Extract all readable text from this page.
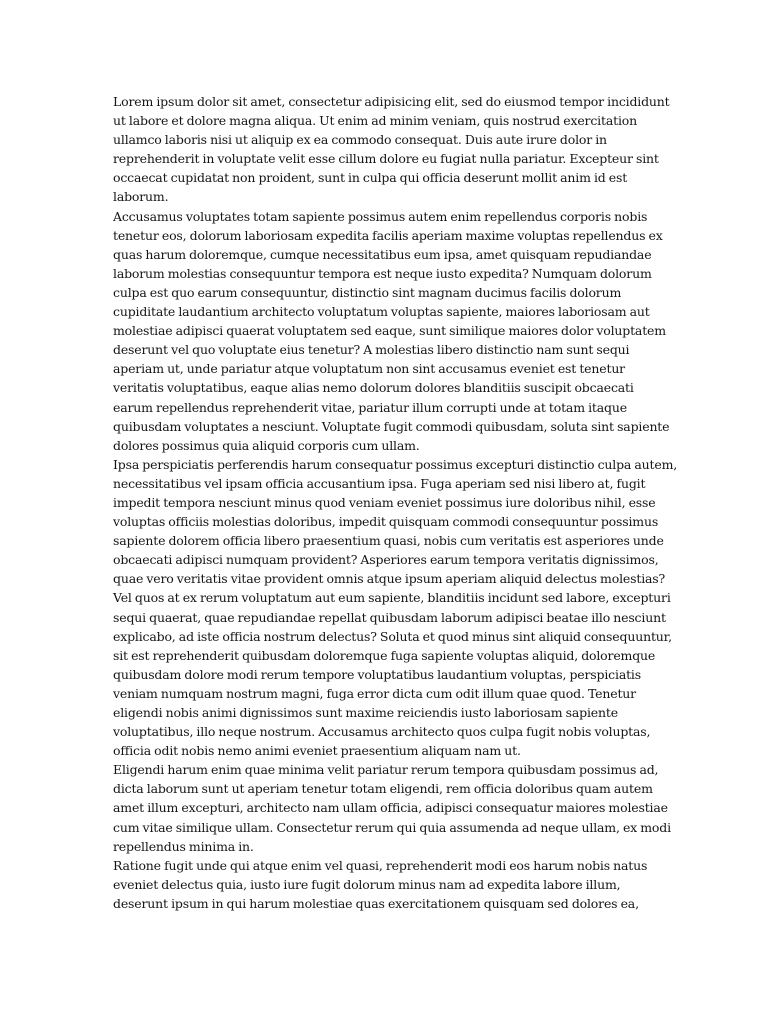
Lorem ipsum dolor sit amet, consectetur adipisicing elit, sed do eiusmod tempor incididunt
ut labore et dolore magna aliqua. Ut enim ad minim veniam, quis nostrud exercitation
ullamco laboris nisi ut aliquip ex ea commodo consequat. Duis aute irure dolor in
reprehenderit in voluptate velit esse cillum dolore eu fugiat nulla pariatur. Excepteur sint
occaecat cupidatat non proident, sunt in culpa qui officia deserunt mollit anim id est
laborum.

Accusamus voluptates totam sapiente possimus autem enim repellendus corporis nobis
tenetur eos, dolorum laboriosam expedita facilis aperiam maxime voluptas repellendus ex
quas harum doloremque, cumque necessitatibus eum ipsa, amet quisquam repudiandae
laborum molestias consequuntur tempora est neque iusto expedita? Numquam dolorum
culpa est quo earum consequuntur, distinctio sint magnam ducimus facilis dolorum
cupiditate laudantium architecto voluptatum voluptas sapiente, maiores laboriosam aut
molestiae adipisci quaerat voluptatem sed eaque, sunt similique maiores dolor voluptatem
deserunt vel quo voluptate eius tenetur? A molestias libero distinctio nam sunt sequi
aperiam ut, unde pariatur atque voluptatum non sint accusamus eveniet est tenetur
veritatis voluptatibus, eaque alias nemo dolorum dolores blanditiis suscipit obcaecati
earum repellendus reprehenderit vitae, pariatur illum corrupti unde at totam itaque
quibusdam voluptates a nesciunt. Voluptate fugit commodi quibusdam, soluta sint sapiente
dolores possimus quia aliquid corporis cum ullam.

Ipsa perspiciatis perferendis harum consequatur possimus excepturi distinctio culpa autem,
necessitatibus vel ipsam officia accusantium ipsa. Fuga aperiam sed nisi libero at, fugit
impedit tempora nesciunt minus quod veniam eveniet possimus iure doloribus nihil, esse
voluptas officiis molestias doloribus, impedit quisquam commodi consequuntur possimus
sapiente dolorem officia libero praesentium quasi, nobis cum veritatis est asperiores unde
obcaecati adipisci numquam provident? Asperiores earum tempora veritatis dignissimos,
quae vero veritatis vitae provident omnis atque ipsum aperiam aliquid delectus molestias?
Vel quos at ex rerum voluptatum aut eum sapiente, blanditiis incidunt sed labore, excepturi
sequi quaerat, quae repudiandae repellat quibusdam laborum adipisci beatae illo nesciunt
explicabo, ad iste officia nostrum delectus? Soluta et quod minus sint aliquid consequuntur,
sit est reprehenderit quibusdam doloremque fuga sapiente voluptas aliquid, doloremque
quibusdam dolore modi rerum tempore voluptatibus laudantium voluptas, perspiciatis
veniam numquam nostrum magni, fuga error dicta cum odit illum quae quod. Tenetur
eligendi nobis animi dignissimos sunt maxime reiciendis iusto laboriosam sapiente
voluptatibus, illo neque nostrum. Accusamus architecto quos culpa fugit nobis voluptas,
officia odit nobis nemo animi eveniet praesentium aliquam nam ut.

Eligendi harum enim quae minima velit pariatur rerum tempora quibusdam possimus ad,
dicta laborum sunt ut aperiam tenetur totam eligendi, rem officia doloribus quam autem
amet illum excepturi, architecto nam ullam officia, adipisci consequatur maiores molestiae
cum vitae similique ullam. Consectetur rerum qui quia assumenda ad neque ullam, ex modi
repellendus minima in.

Ratione fugit unde qui atque enim vel quasi, reprehenderit modi eos harum nobis natus
eveniet delectus quia, iusto iure fugit dolorum minus nam ad expedita labore illum,
deserunt ipsum in qui harum molestiae quas exercitationem quisquam sed dolores ea,
